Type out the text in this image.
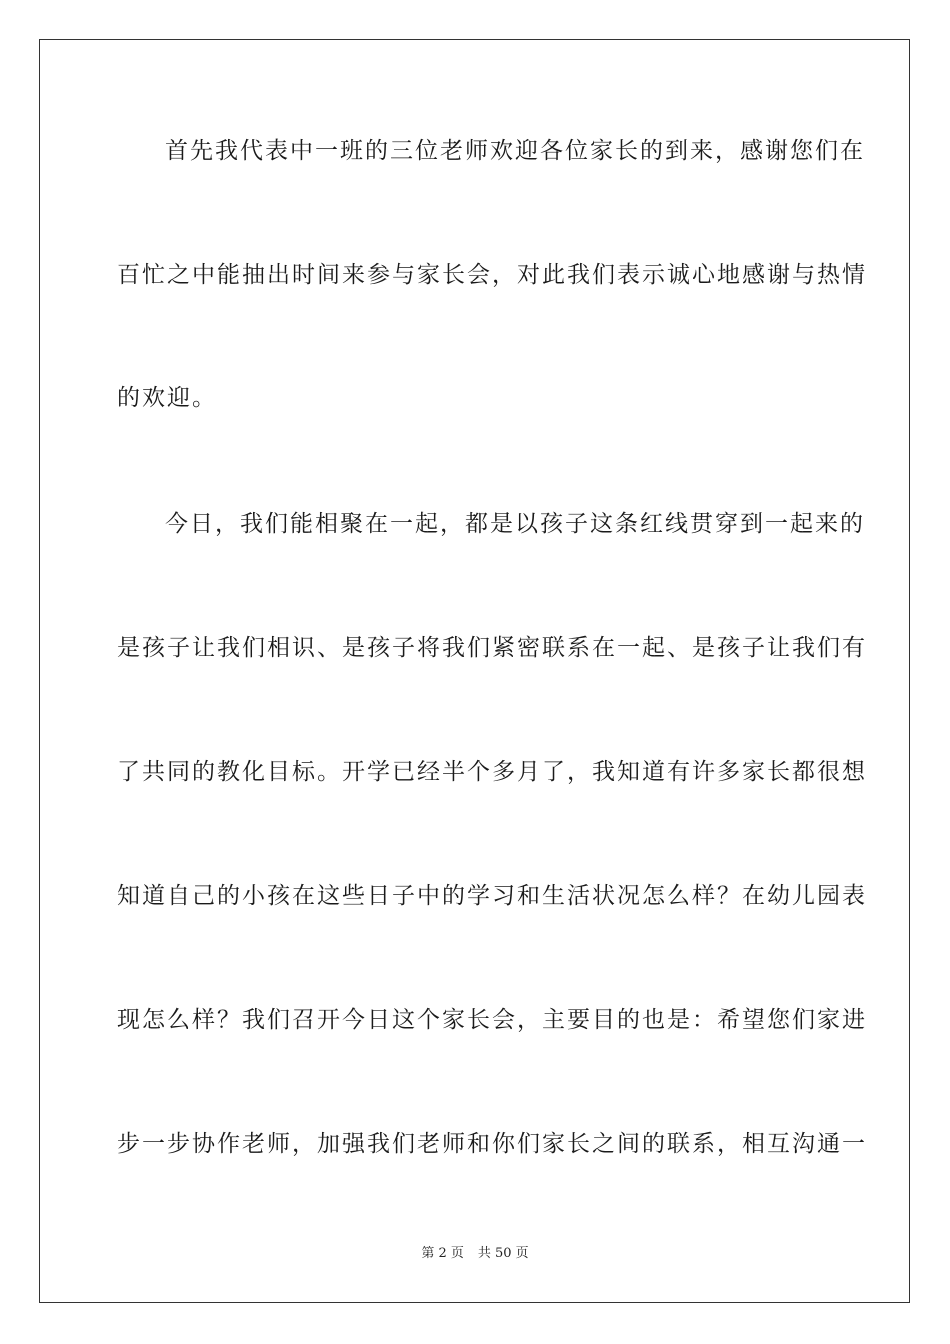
首先我代表中一班的三位老师欢迎各位家长的到来，感谢您们在
百忙之中能抽出时间来参与家长会，对此我们表示诚心地感谢与热情
的欢迎。
今日，我们能相聚在一起，都是以孩子这条红线贯穿到一起来的
是孩子让我们相识、是孩子将我们紧密联系在一起、是孩子让我们有
了共同的教化目标。开学已经半个多月了，我知道有许多家长都很想
知道自己的小孩在这些日子中的学习和生活状况怎么样？在幼儿园表
现怎么样？我们召开今日这个家长会，主要目的也是：希望您们家进
步一步协作老师，加强我们老师和你们家长之间的联系，相互沟通一
第 2 页 共 50 页
